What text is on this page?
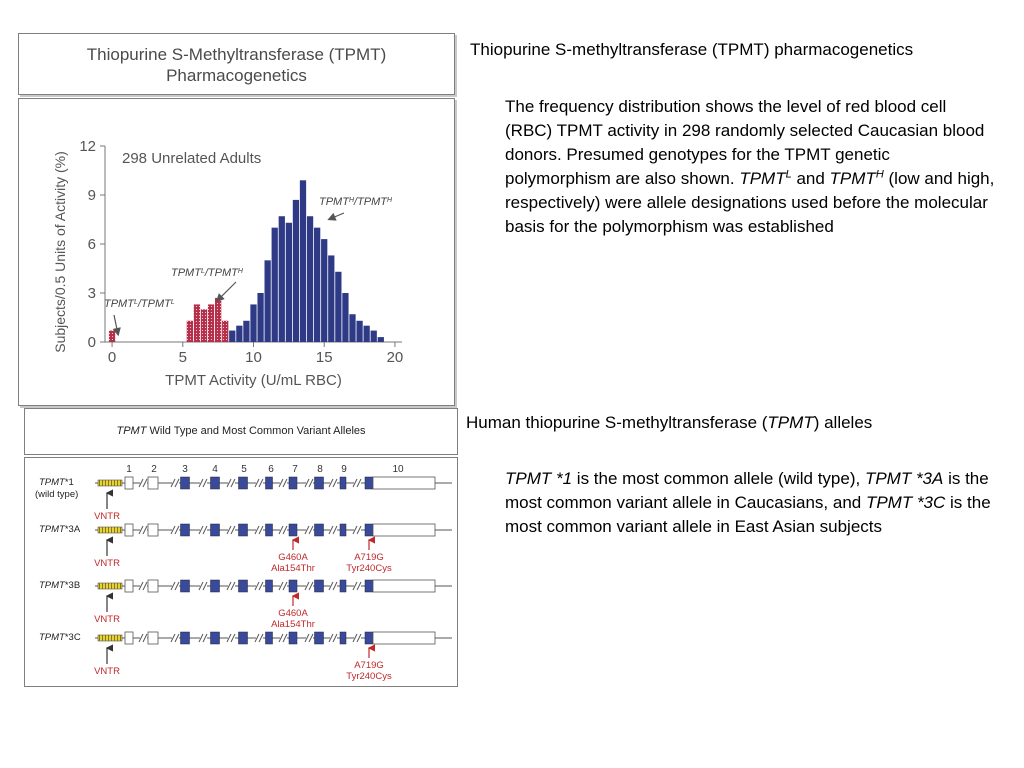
Thiopurine S-Methyltransferase (TPMT)
Pharmacogenetics
0
3
6
9
12
0	5	10	15	20
298 Unrelated Adults
TPMT Activity (U/mL RBC)
Subjects/0.5 Units of Activity (%)	$TPMT^L/TPMT^L$
$TPMT^L/TPMT^H$
$TPMT^H/TPMT^H$
TPMT Wild Type and Most Common Variant Alleles
1 2	3 4 5 6 7 8 9	10
TPMT*1
(wild type)
VNTR
TPMT*3A
VNTR
G460A
Ala154Thr
A719G
Tyr240Cys
TPMT*3B
VNTR
G460A
Ala154Thr
TPMT*3C
VNTR
A719G
Tyr240Cys
Thiopurine S-methyltransferase (TPMT) pharmacogenetics
The frequency distribution shows the level of red blood cell (RBC) TPMT activity in 298 randomly selected Caucasian blood donors. Presumed genotypes for the TPMT genetic polymorphism are also shown. $TPMT^L$ and $TPMT^H$ (low and high, respectively) were allele designations used before the molecular basis for the polymorphism was established
Human thiopurine S-methyltransferase (TPMT) alleles
TPMT *1 is the most common allele (wild type), TPMT *3A is the most common variant allele in Caucasians, and TPMT *3C is the most common variant allele in East Asian subjects
